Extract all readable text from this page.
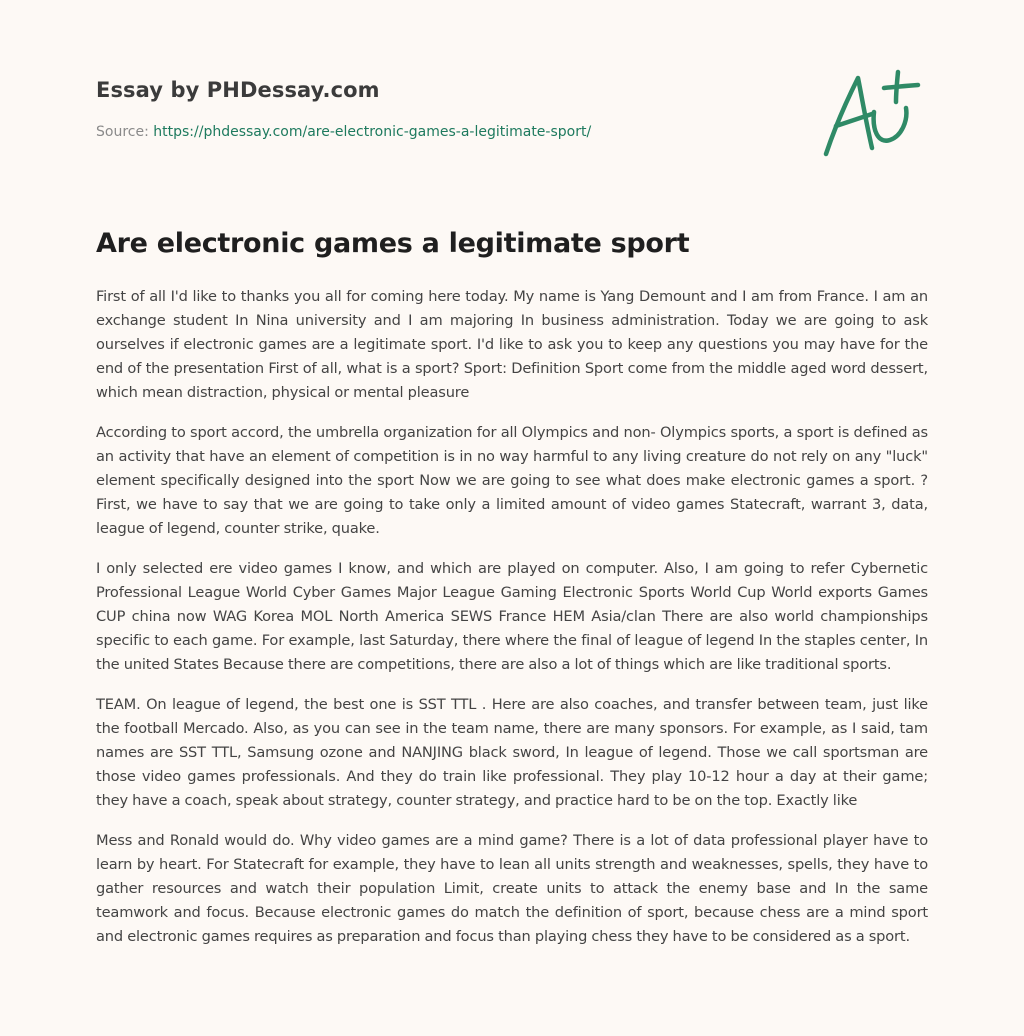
Essay by PHDessay.com
Source: https://phdessay.com/are-electronic-games-a-legitimate-sport/
Are electronic games a legitimate sport

First of all I'd like to thanks you all for coming here today. My name is Yang Demount and I am from France. I am an exchange student In Nina university and I am majoring In business administration. Today we are going to ask ourselves if electronic games are a legitimate sport. I'd like to ask you to keep any questions you may have for the end of the presentation First of all, what is a sport? Sport: Definition Sport come from the middle aged word dessert, which mean distraction, physical or mental pleasure

According to sport accord, the umbrella organization for all Olympics and non- Olympics sports, a sport is defined as an activity that have an element of competition is in no way harmful to any living creature do not rely on any "luck" element specifically designed into the sport Now we are going to see what does make electronic games a sport. ? First, we have to say that we are going to take only a limited amount of video games Statecraft, warrant 3, data, league of legend, counter strike, quake.

I only selected ere video games I know, and which are played on computer. Also, I am going to refer Cybernetic Professional League World Cyber Games Major League Gaming Electronic Sports World Cup World exports Games CUP china now WAG Korea MOL North America SEWS France HEM Asia/clan There are also world championships specific to each game. For example, last Saturday, there where the final of league of legend In the staples center, In the united States Because there are competitions, there are also a lot of things which are like traditional sports.

TEAM. On league of legend, the best one is SST TTL . Here are also coaches, and transfer between team, just like the football Mercado. Also, as you can see in the team name, there are many sponsors. For example, as I said, tam names are SST TTL, Samsung ozone and NANJING black sword, In league of legend. Those we call sportsman are those video games professionals. And they do train like professional. They play 10-12 hour a day at their game; they have a coach, speak about strategy, counter strategy, and practice hard to be on the top. Exactly like

Mess and Ronald would do. Why video games are a mind game? There is a lot of data professional player have to learn by heart. For Statecraft for example, they have to lean all units strength and weaknesses, spells, they have to gather resources and watch their population Limit, create units to attack the enemy base and In the same teamwork and focus. Because electronic games do match the definition of sport, because chess are a mind sport and electronic games requires as preparation and focus than playing chess they have to be considered as a sport.
